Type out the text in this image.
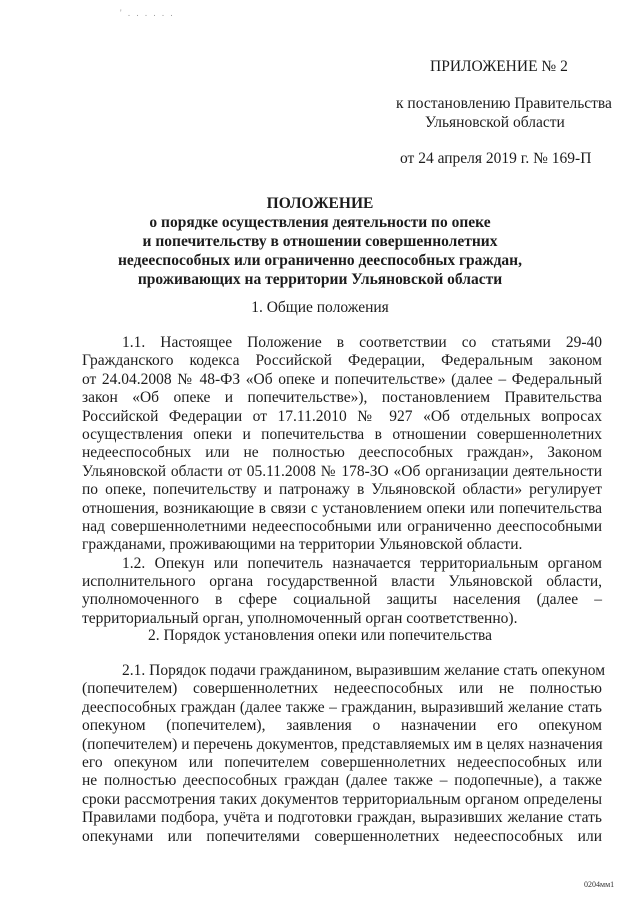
' . . . . . .
ПРИЛОЖЕНИЕ № 2
к постановлению Правительства
Ульяновской области
от 24 апреля 2019 г. № 169-П
ПОЛОЖЕНИЕ
о порядке осуществления деятельности по опеке
и попечительству в отношении совершеннолетних
недееспособных или ограниченно дееспособных граждан,
проживающих на территории Ульяновской области
1. Общие положения
1.1. Настоящее Положение в соответствии со статьями 29-40
Гражданского кодекса Российской Федерации, Федеральным законом
от 24.04.2008 № 48-ФЗ «Об опеке и попечительстве» (далее – Федеральный
закон «Об опеке и попечительстве»), постановлением Правительства
Российской Федерации от 17.11.2010 № 927 «Об отдельных вопросах
осуществления опеки и попечительства в отношении совершеннолетних
недееспособных или не полностью дееспособных граждан», Законом
Ульяновской области от 05.11.2008 № 178-ЗО «Об организации деятельности
по опеке, попечительству и патронажу в Ульяновской области» регулирует
отношения, возникающие в связи с установлением опеки или попечительства
над совершеннолетними недееспособными или ограниченно дееспособными
гражданами, проживающими на территории Ульяновской области.
1.2. Опекун или попечитель назначается территориальным органом
исполнительного органа государственной власти Ульяновской области,
уполномоченного в сфере социальной защиты населения (далее –
территориальный орган, уполномоченный орган соответственно).
2. Порядок установления опеки или попечительства
2.1. Порядок подачи гражданином, выразившим желание стать опекуном
(попечителем) совершеннолетних недееспособных или не полностью
дееспособных граждан (далее также – гражданин, выразивший желание стать
опекуном (попечителем), заявления о назначении его опекуном
(попечителем) и перечень документов, представляемых им в целях назначения
его опекуном или попечителем совершеннолетних недееспособных или
не полностью дееспособных граждан (далее также – подопечные), а также
сроки рассмотрения таких документов территориальным органом определены
Правилами подбора, учёта и подготовки граждан, выразивших желание стать
опекунами или попечителями совершеннолетних недееспособных или
0204мм1
